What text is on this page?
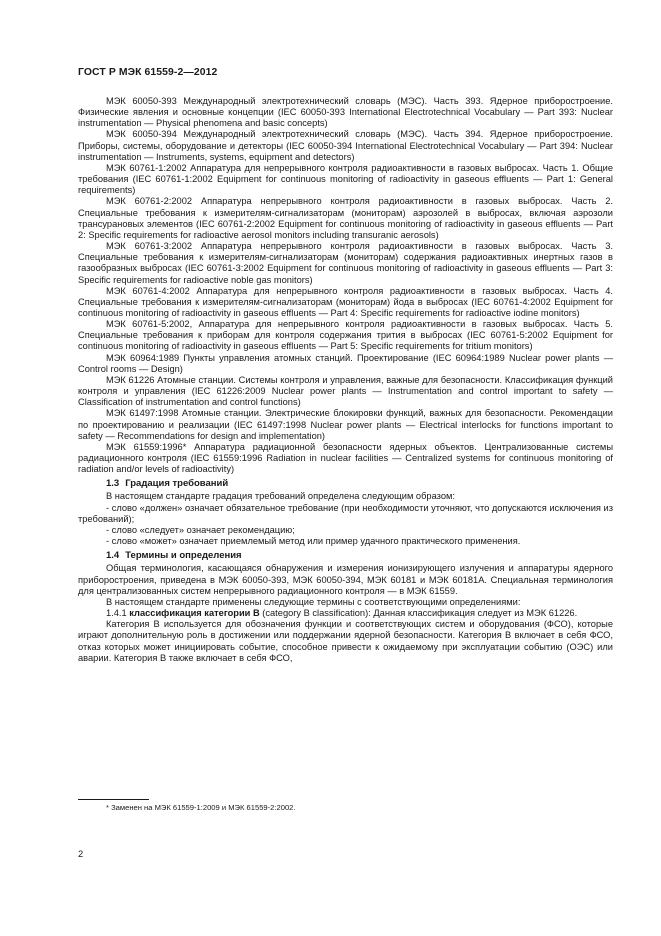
ГОСТ Р МЭК 61559-2—2012

МЭК 60050-393 Международный электротехнический словарь (МЭС). Часть 393. Ядерное приборостроение. Физические явления и основные концепции (IEC 60050-393 International Electrotechnical Vocabulary — Part 393: Nuclear instrumentation — Physical phenomena and basic concepts)

МЭК 60050-394 Международный электротехнический словарь (МЭС). Часть 394. Ядерное приборостроение. Приборы, системы, оборудование и детекторы (IEC 60050-394 International Electrotechnical Vocabulary — Part 394: Nuclear instrumentation — Instruments, systems, equipment and detectors)

МЭК 60761-1:2002 Аппаратура для непрерывного контроля радиоактивности в газовых выбросах. Часть 1. Общие требования (IEC 60761-1:2002 Equipment for continuous monitoring of radioactivity in gaseous effluents — Part 1: General requirements)

МЭК 60761-2:2002 Аппаратура непрерывного контроля радиоактивности в газовых выбросах. Часть 2. Специальные требования к измерителям-сигнализаторам (мониторам) аэрозолей в выбросах, включая аэрозоли трансурановых элементов (IEC 60761-2:2002 Equipment for continuous monitoring of radioactivity in gaseous effluents — Part 2: Specific requirements for radioactive aerosol monitors including transuranic aerosols)

МЭК 60761-3:2002 Аппаратура непрерывного контроля радиоактивности в газовых выбросах. Часть 3. Специальные требования к измерителям-сигнализаторам (мониторам) содержания радиоактивных инертных газов в газообразных выбросах (IEC 60761-3:2002 Equipment for continuous monitoring of radioactivity in gaseous effluents — Part 3: Specific requirements for radioactive noble gas monitors)

МЭК 60761-4:2002 Аппаратура для непрерывного контроля радиоактивности в газовых выбросах. Часть 4. Специальные требования к измерителям-сигнализаторам (мониторам) йода в выбросах (IEC 60761-4:2002 Equipment for continuous monitoring of radioactivity in gaseous effluents — Part 4: Specific requirements for radioactive iodine monitors)

МЭК 60761-5:2002, Аппаратура для непрерывного контроля радиоактивности в газовых выбросах. Часть 5. Специальные требования к приборам для контроля содержания трития в выбросах (IEC 60761-5:2002 Equipment for continuous monitoring of radioactivity in gaseous effluents — Part 5: Specific requirements for tritium monitors)

МЭК 60964:1989 Пункты управления атомных станций. Проектирование (IEC 60964:1989 Nuclear power plants — Control rooms — Design)

МЭК 61226 Атомные станции. Системы контроля и управления, важные для безопасности. Классификация функций контроля и управления (IEC 61226:2009 Nuclear power plants — Instrumentation and control important to safety — Classification of instrumentation and control functions)

МЭК 61497:1998 Атомные станции. Электрические блокировки функций, важных для безопасности. Рекомендации по проектированию и реализации (IEC 61497:1998 Nuclear power plants — Electrical interlocks for functions important to safety — Recommendations for design and implementation)

МЭК 61559:1996* Аппаратура радиационной безопасности ядерных объектов. Централизованные системы радиационного контроля (IEC 61559:1996 Radiation in nuclear facilities — Centralized systems for continuous monitoring of radiation and/or levels of radioactivity)

1.3 Градация требований

В настоящем стандарте градация требований определена следующим образом:

- слово «должен» означает обязательное требование (при необходимости уточняют, что допускаются исключения из требований);

- слово «следует» означает рекомендацию;

- слово «может» означает приемлемый метод или пример удачного практического применения.

1.4 Термины и определения

Общая терминология, касающаяся обнаружения и измерения ионизирующего излучения и аппаратуры ядерного приборостроения, приведена в МЭК 60050-393, МЭК 60050-394, МЭК 60181 и МЭК 60181А. Специальная терминология для централизованных систем непрерывного радиационного контроля — в МЭК 61559.

В настоящем стандарте применены следующие термины с соответствующими определениями:

1.4.1 классификация категории В (category B classification): Данная классификация следует из МЭК 61226.

Категория В используется для обозначения функции и соответствующих систем и оборудования (ФСО), которые играют дополнительную роль в достижении или поддержании ядерной безопасности. Категория В включает в себя ФСО, отказ которых может инициировать событие, способное привести к ожидаемому при эксплуатации событию (ОЭС) или аварии. Категория В также включает в себя ФСО,

* Заменен на МЭК 61559-1:2009 и МЭК 61559-2:2002.
2
